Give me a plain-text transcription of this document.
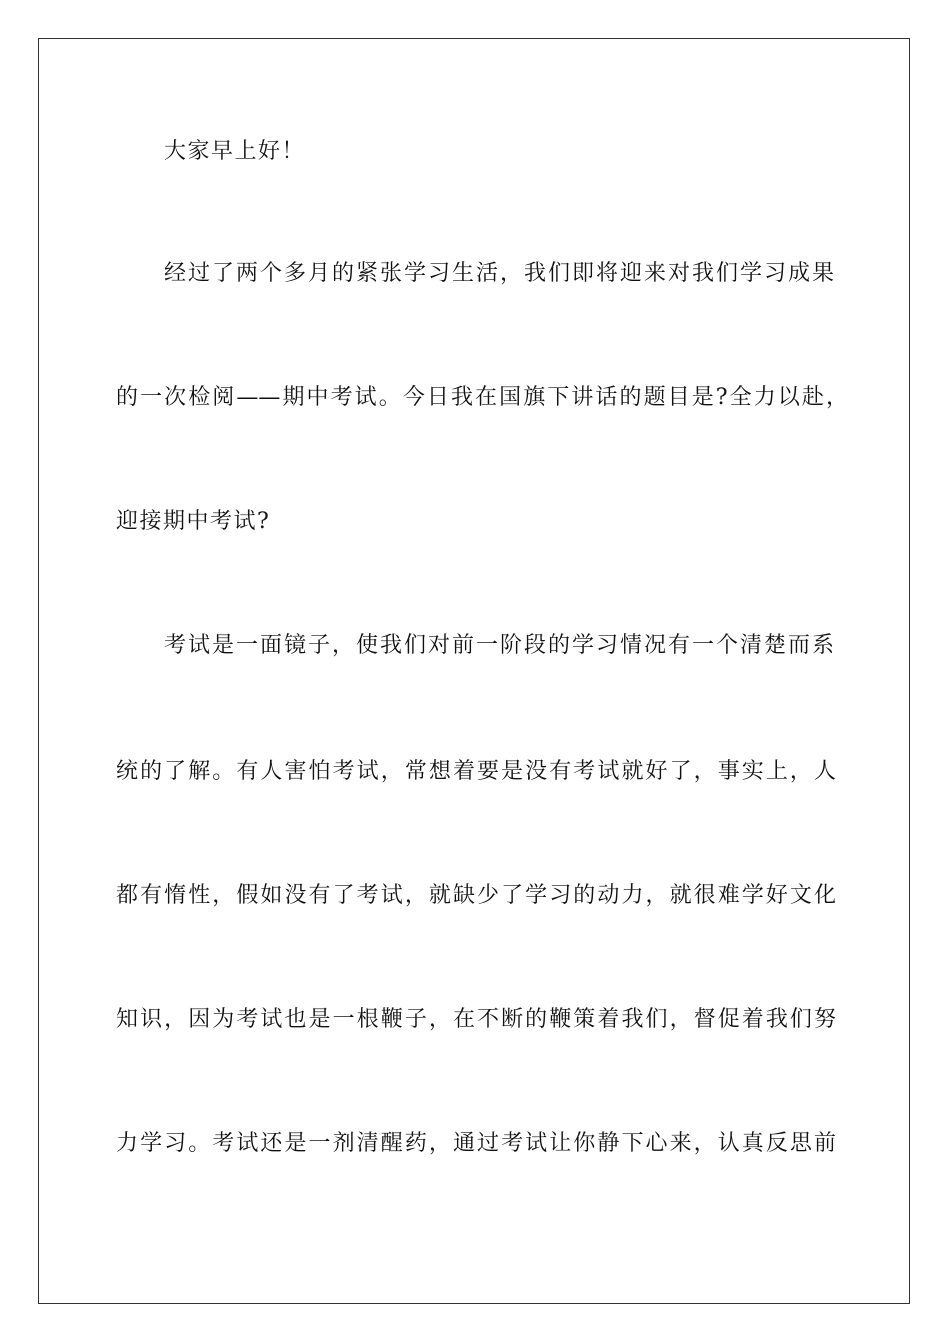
大家早上好！
经过了两个多月的紧张学习生活，我们即将迎来对我们学习成果
的一次检阅——期中考试。今日我在国旗下讲话的题目是?全力以赴，
迎接期中考试?
考试是一面镜子，使我们对前一阶段的学习情况有一个清楚而系
统的了解。有人害怕考试，常想着要是没有考试就好了，事实上，人
都有惰性，假如没有了考试，就缺少了学习的动力，就很难学好文化
知识，因为考试也是一根鞭子，在不断的鞭策着我们，督促着我们努
力学习。考试还是一剂清醒药，通过考试让你静下心来，认真反思前
